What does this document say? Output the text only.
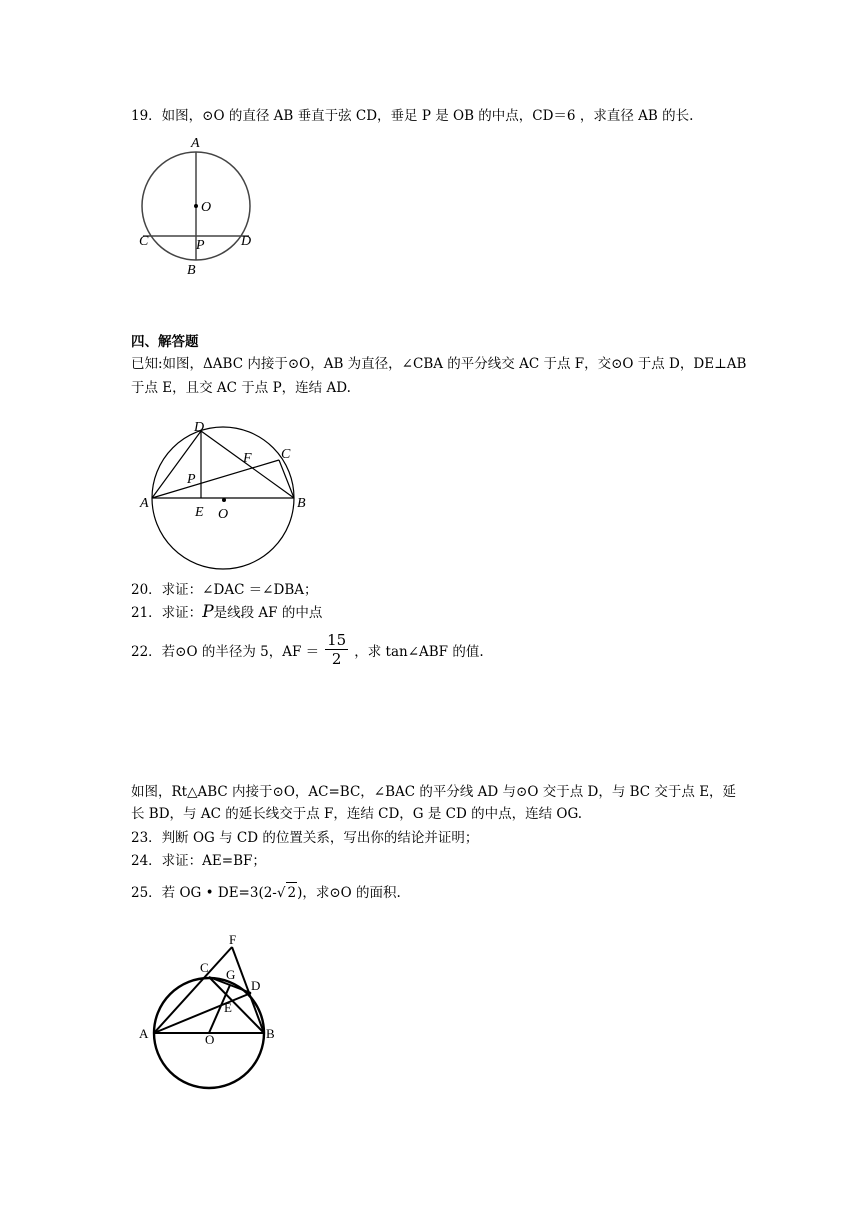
19．如图，⊙O 的直径 AB 垂直于弦 CD，垂足 P 是 OB 的中点，CD＝6 ，求直径 AB 的长.
A
O
C	P	D
B
四、解答题
已知:如图，ΔABC 内接于⊙O，AB 为直径，∠CBA 的平分线交 AC 于点 F，交⊙O 于点 D，DE⊥AB
于点 E，且交 AC 于点 P，连结 AD.
D
C
F
P
A	B
E O
20．求证：∠DAC ＝∠DBA；
21．求证：P是线段 AF 的中点
22．若⊙O 的半径为 5，AF ＝ $\frac{15}{2}$ ，求 tan∠ABF 的值.
如图，Rt△ABC 内接于⊙O，AC=BC，∠BAC 的平分线 AD 与⊙O 交于点 D，与 BC 交于点 E，延
长 BD，与 AC 的延长线交于点 F，连结 CD，G 是 CD 的中点，连结 OG.
23．判断 OG 与 CD 的位置关系，写出你的结论并证明；
24．求证：AE=BF；
25．若 OG • DE=3(2-√ 2)，求⊙O 的面积.
F
C G
D
E
A	O	B
